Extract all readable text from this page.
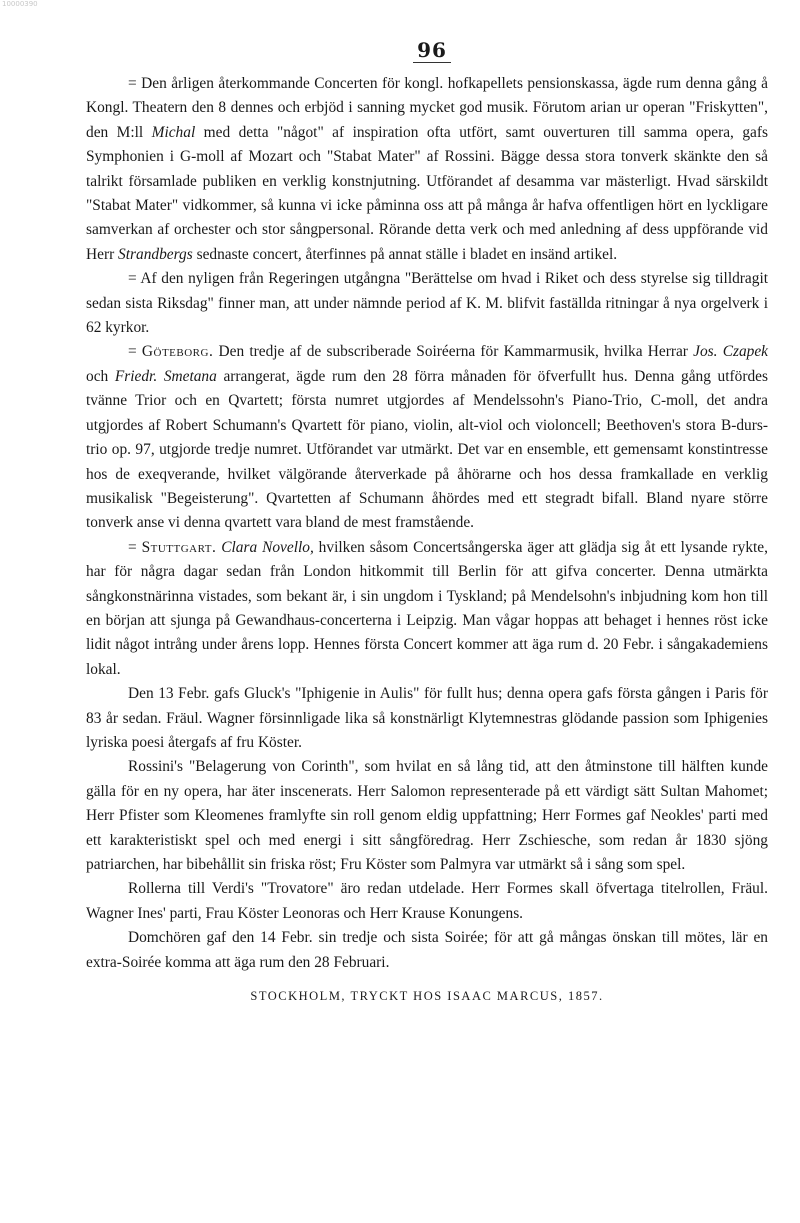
10000390
96

= Den årligen återkommande Concerten för kongl. hofkapellets pensionskassa, ägde rum denna gång å Kongl. Theatern den 8 dennes och erbjöd i sanning mycket god musik. Förutom arian ur operan "Friskytten", den M:ll Michal med detta "något" af inspiration ofta utfört, samt ouverturen till samma opera, gafs Symphonien i G-moll af Mozart och "Stabat Mater" af Rossini. Bägge dessa stora tonverk skänkte den så talrikt församlade publiken en verklig konstnjutning. Utförandet af desamma var mästerligt. Hvad särskildt "Stabat Mater" vidkommer, så kunna vi icke påminna oss att på många år hafva offentligen hört en lyckligare samverkan af orchester och stor sångpersonal. Rörande detta verk och med anledning af dess uppförande vid Herr Strandbergs sednaste concert, återfinnes på annat ställe i bladet en insänd artikel.

= Af den nyligen från Regeringen utgångna "Berättelse om hvad i Riket och dess styrelse sig tilldragit sedan sista Riksdag" finner man, att under nämnde period af K. M. blifvit faställda ritningar å nya orgelverk i 62 kyrkor.

= Göteborg. Den tredje af de subscriberade Soiréerna för Kammarmusik, hvilka Herrar Jos. Czapek och Friedr. Smetana arrangerat, ägde rum den 28 förra månaden för öfverfullt hus. Denna gång utfördes tvänne Trior och en Qvartett; första numret utgjordes af Mendelssohn's Piano-Trio, C-moll, det andra utgjordes af Robert Schumann's Qvartett för piano, violin, alt-viol och violoncell; Beethoven's stora B-durs-trio op. 97, utgjorde tredje numret. Utförandet var utmärkt. Det var en ensemble, ett gemensamt konstintresse hos de exeqverande, hvilket välgörande återverkade på åhörarne och hos dessa framkallade en verklig musikalisk "Begeisterung". Qvartetten af Schumann åhördes med ett stegradt bifall. Bland nyare större tonverk anse vi denna qvartett vara bland de mest framstående.

= Stuttgart. Clara Novello, hvilken såsom Concertsångerska äger att glädja sig åt ett lysande rykte, har för några dagar sedan från London hitkommit till Berlin för att gifva concerter. Denna utmärkta sångkonstnärinna vistades, som bekant är, i sin ungdom i Tyskland; på Mendelsohn's inbjudning kom hon till en början att sjunga på Gewandhaus-concerterna i Leipzig. Man vågar hoppas att behaget i hennes röst icke lidit något intrång under årens lopp. Hennes första Concert kommer att äga rum d. 20 Febr. i sångakademiens lokal.

Den 13 Febr. gafs Gluck's "Iphigenie in Aulis" för fullt hus; denna opera gafs första gången i Paris för 83 år sedan. Fräul. Wagner försinnligade lika så konstnärligt Klytemnestras glödande passion som Iphigenies lyriska poesi återgafs af fru Köster.

Rossini's "Belagerung von Corinth", som hvilat en så lång tid, att den åtminstone till hälften kunde gälla för en ny opera, har äter inscenerats. Herr Salomon representerade på ett värdigt sätt Sultan Mahomet; Herr Pfister som Kleomenes framlyfte sin roll genom eldig uppfattning; Herr Formes gaf Neokles' parti med ett karakteristiskt spel och med energi i sitt sångföredrag. Herr Zschiesche, som redan år 1830 sjöng patriarchen, har bibehållit sin friska röst; Fru Köster som Palmyra var utmärkt så i sång som spel.

Rollerna till Verdi's "Trovatore" äro redan utdelade. Herr Formes skall öfvertaga titelrollen, Fräul. Wagner Ines' parti, Frau Köster Leonoras och Herr Krause Konungens.

Domchören gaf den 14 Febr. sin tredje och sista Soirée; för att gå mångas önskan till mötes, lär en extra-Soirée komma att äga rum den 28 Februari.

STOCKHOLM, TRYCKT HOS ISAAC MARCUS, 1857.
